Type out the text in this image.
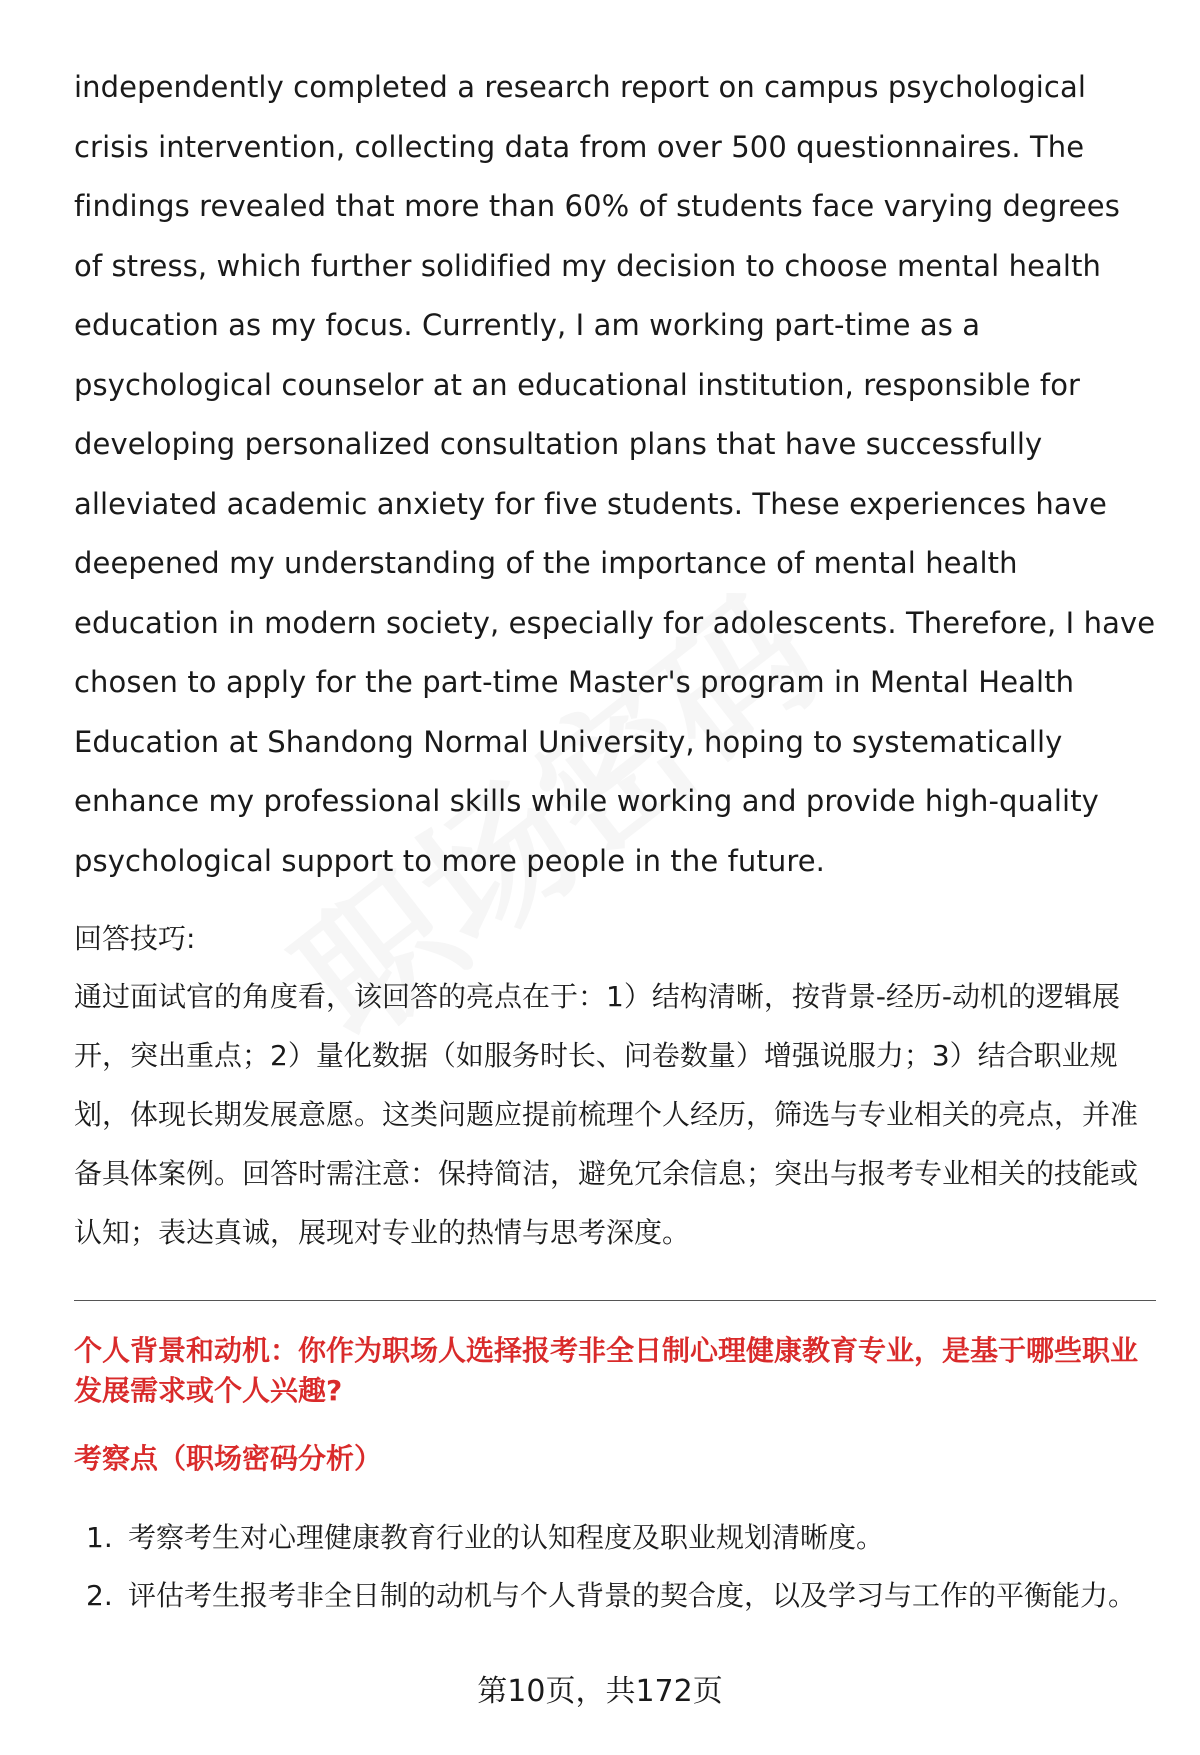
independently completed a research report on campus psychological crisis intervention, collecting data from over 500 questionnaires. The findings revealed that more than 60% of students face varying degrees of stress, which further solidified my decision to choose mental health education as my focus. Currently, I am working part-time as a psychological counselor at an educational institution, responsible for developing personalized consultation plans that have successfully alleviated academic anxiety for five students. These experiences have deepened my understanding of the importance of mental health education in modern society, especially for adolescents. Therefore, I have chosen to apply for the part-time Master's program in Mental Health Education at Shandong Normal University, hoping to systematically enhance my professional skills while working and provide high-quality psychological support to more people in the future.

回答技巧:

通过面试官的角度看，该回答的亮点在于：1）结构清晰，按背景-经历-动机的逻辑展开，突出重点；2）量化数据（如服务时长、问卷数量）增强说服力；3）结合职业规划，体现长期发展意愿。这类问题应提前梳理个人经历，筛选与专业相关的亮点，并准备具体案例。回答时需注意：保持简洁，避免冗余信息；突出与报考专业相关的技能或认知；表达真诚，展现对专业的热情与思考深度。

个人背景和动机：你作为职场人选择报考非全日制心理健康教育专业，是基于哪些职业发展需求或个人兴趣?

考察点（职场密码分析）

1. 考察考生对心理健康教育行业的认知程度及职业规划清晰度。
2. 评估考生报考非全日制的动机与个人背景的契合度，以及学习与工作的平衡能力。
第10页，共172页
